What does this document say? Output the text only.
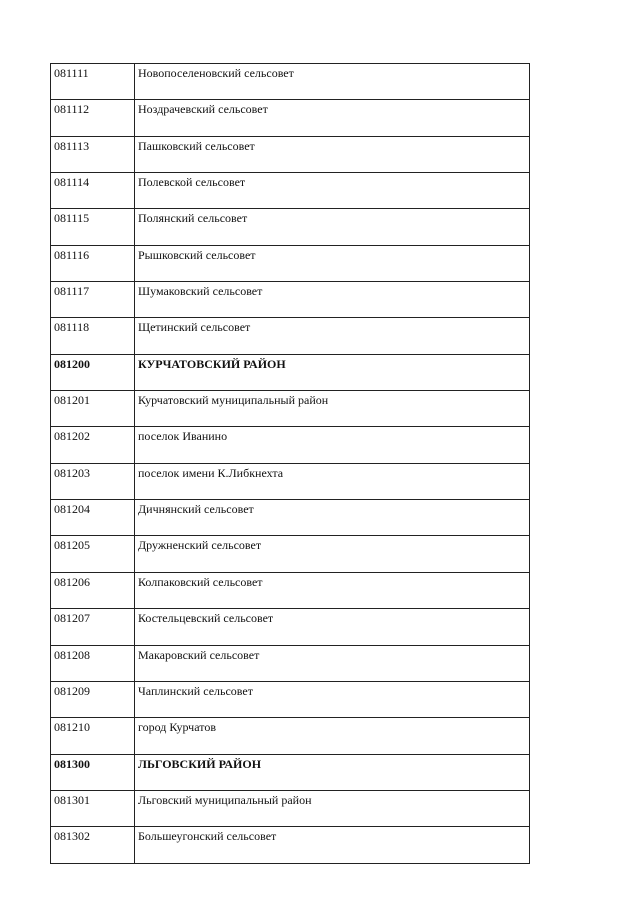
081111	Новопоселеновский сельсовет
081112	Ноздрачевский сельсовет
081113	Пашковский сельсовет
081114	Полевской сельсовет
081115	Полянский сельсовет
081116	Рышковский сельсовет
081117	Шумаковский сельсовет
081118	Щетинский сельсовет
081200	КУРЧАТОВСКИЙ РАЙОН
081201	Курчатовский муниципальный район
081202	поселок Иванино
081203	поселок имени К.Либкнехта
081204	Дичнянский сельсовет
081205	Дружненский сельсовет
081206	Колпаковский сельсовет
081207	Костельцевский сельсовет
081208	Макаровский сельсовет
081209	Чаплинский сельсовет
081210	город Курчатов
081300	ЛЬГОВСКИЙ РАЙОН
081301	Льговский муниципальный район
081302	Большеугонский сельсовет
